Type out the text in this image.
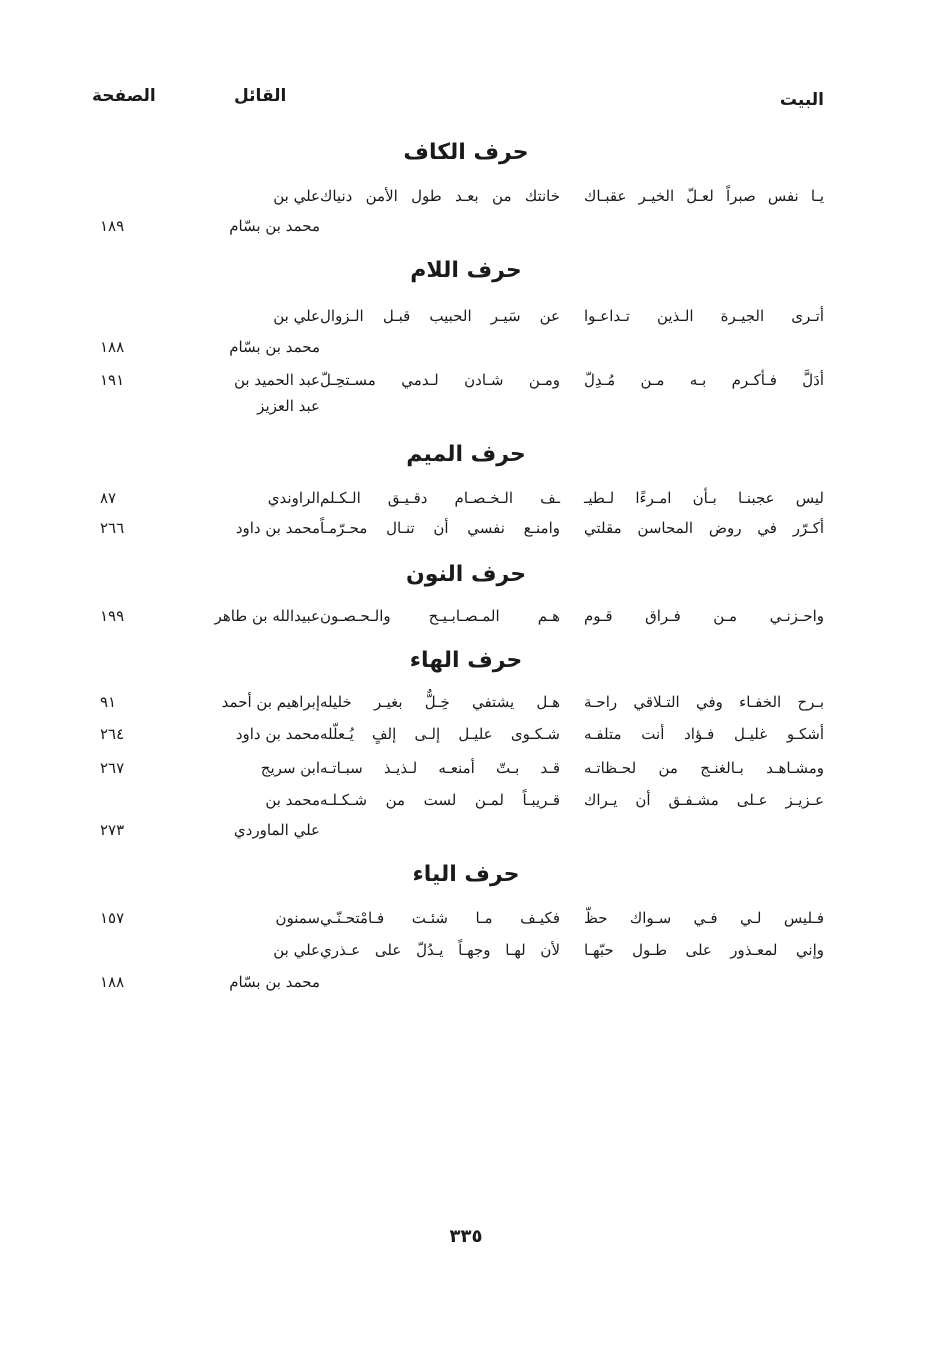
البيت
القائل
الصفحة
حرف الكاف
يـا نفس صبراً لعـلّ الخيـر عقبـاك
خانتك من بعـد طول الأمن دنياك
علي بن
محمد بن بسّام
١٨٩
حرف اللام
أتـرى الجيـرة الـذين تـداعـوا
عن سَيـر الحبيب قبـل الـزوال
علي بن
محمد بن بسّام
١٨٨
أدَلَّ فـأكـرم بـه مـن مُـدِلّ
ومـن شـادن لـدمي مسـتحِـلّ
عبد الحميد بن
عبد العزيز
١٩١
حرف الميم
ليس عجبنـا بـأن امـرءًا لـطيـ
ـف الـخـصـام دقـيـق الـكـلم
الراوندي
٨٧
أكـرّر في روض المحاسن مقلتي
وامنـع نفسي أن تنـال محـرّمـاً
محمد بن داود
٢٦٦
حرف النون
واحـزنـي مـن فـراق قـوم
هـم المـصـابـيـح والـحـصـون
عبيدالله بن طاهر
١٩٩
حرف الهاء
بـرح الخفـاء وفي التـلاقي راحـة
هـل يشتفي خِـلٌّ بغيـر خليله
إبراهيم بن أحمد
٩١
أشكـو غليـل فـؤاد أنت متلفـه
شـكـوى عليـل إلـى إلفٍ يُـعلّله
محمد بن داود
٢٦٤
ومشـاهـد بـالغنـج من لحـظاتـه
قـد بـتّ أمنعـه لـذيـذ سبـاتـه
ابن سريج
٢٦٧
عـزيـز عـلى مشـفـق أن يـراك
قـريبـاً لمـن لست من شـكـلـه
محمد بن
علي الماوردي
٢٧٣
حرف الياء
فـليس لـي فـي سـواك حظّ
فكيـف مـا شئـت فـامْتحـنّـي
سمنون
١٥٧
وإني لمعـذور على طـول حبّهـا
لأن لهـا وجهـاً يـدُلّ على عـذري
علي بن
محمد بن بسّام
١٨٨
٣٣٥
